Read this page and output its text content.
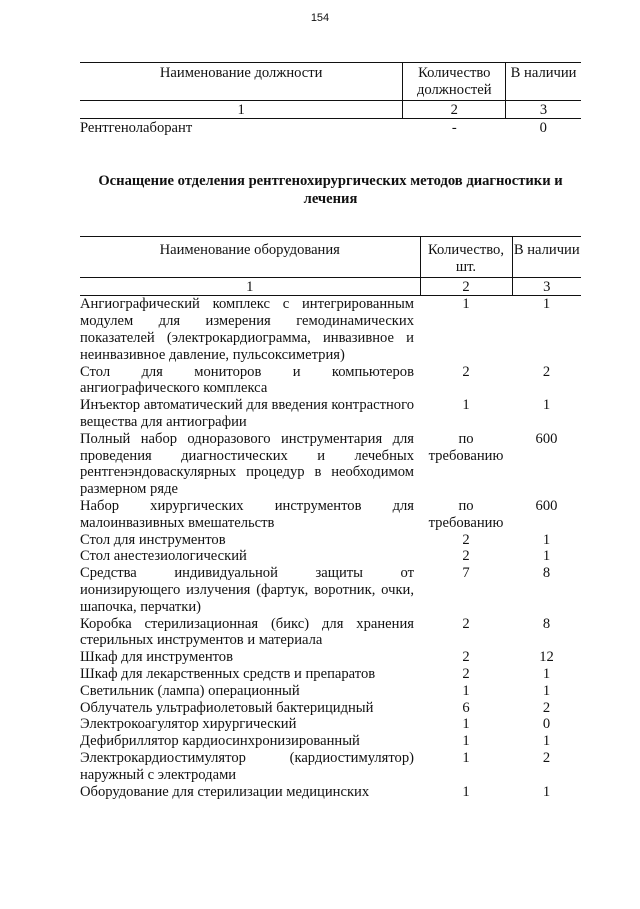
154
Наименование должности	Количество должностей	В наличии
1	2	3
Рентгенолаборант	-	0
Оснащение отделения рентгенохирургических методов диагностики и лечения
Наименование оборудования	Количество, шт.	В наличии
1	2	3
Ангиографический комплекс с интегрированным модулем для измерения гемодинамических показателей (электрокардиограмма, инвазивное и неинвазивное давление, пульсоксиметрия)	1	1
Стол для мониторов и компьютеров ангиографического комплекса	2	2
Инъектор автоматический для введения контрастного вещества для антиографии	1	1
Полный набор одноразового инструментария для проведения диагностических и лечебных рентгенэндоваскулярных процедур в необходимом размерном ряде	по требованию	600
Набор хирургических инструментов для малоинвазивных вмешательств	по требованию	600
Стол для инструментов	2	1
Стол анестезиологический	2	1
Средства индивидуальной защиты от ионизирующего излучения (фартук, воротник, очки, шапочка, перчатки)	7	8
Коробка стерилизационная (бикс) для хранения стерильных инструментов и материала	2	8
Шкаф для инструментов	2	12
Шкаф для лекарственных средств и препаратов	2	1
Светильник (лампа) операционный	1	1
Облучатель ультрафиолетовый бактерицидный	6	2
Электрокоагулятор хирургический	1	0
Дефибриллятор кардиосинхронизированный	1	1
Электрокардиостимулятор (кардиостимулятор) наружный с электродами	1	2
Оборудование для стерилизации медицинских	1	1
